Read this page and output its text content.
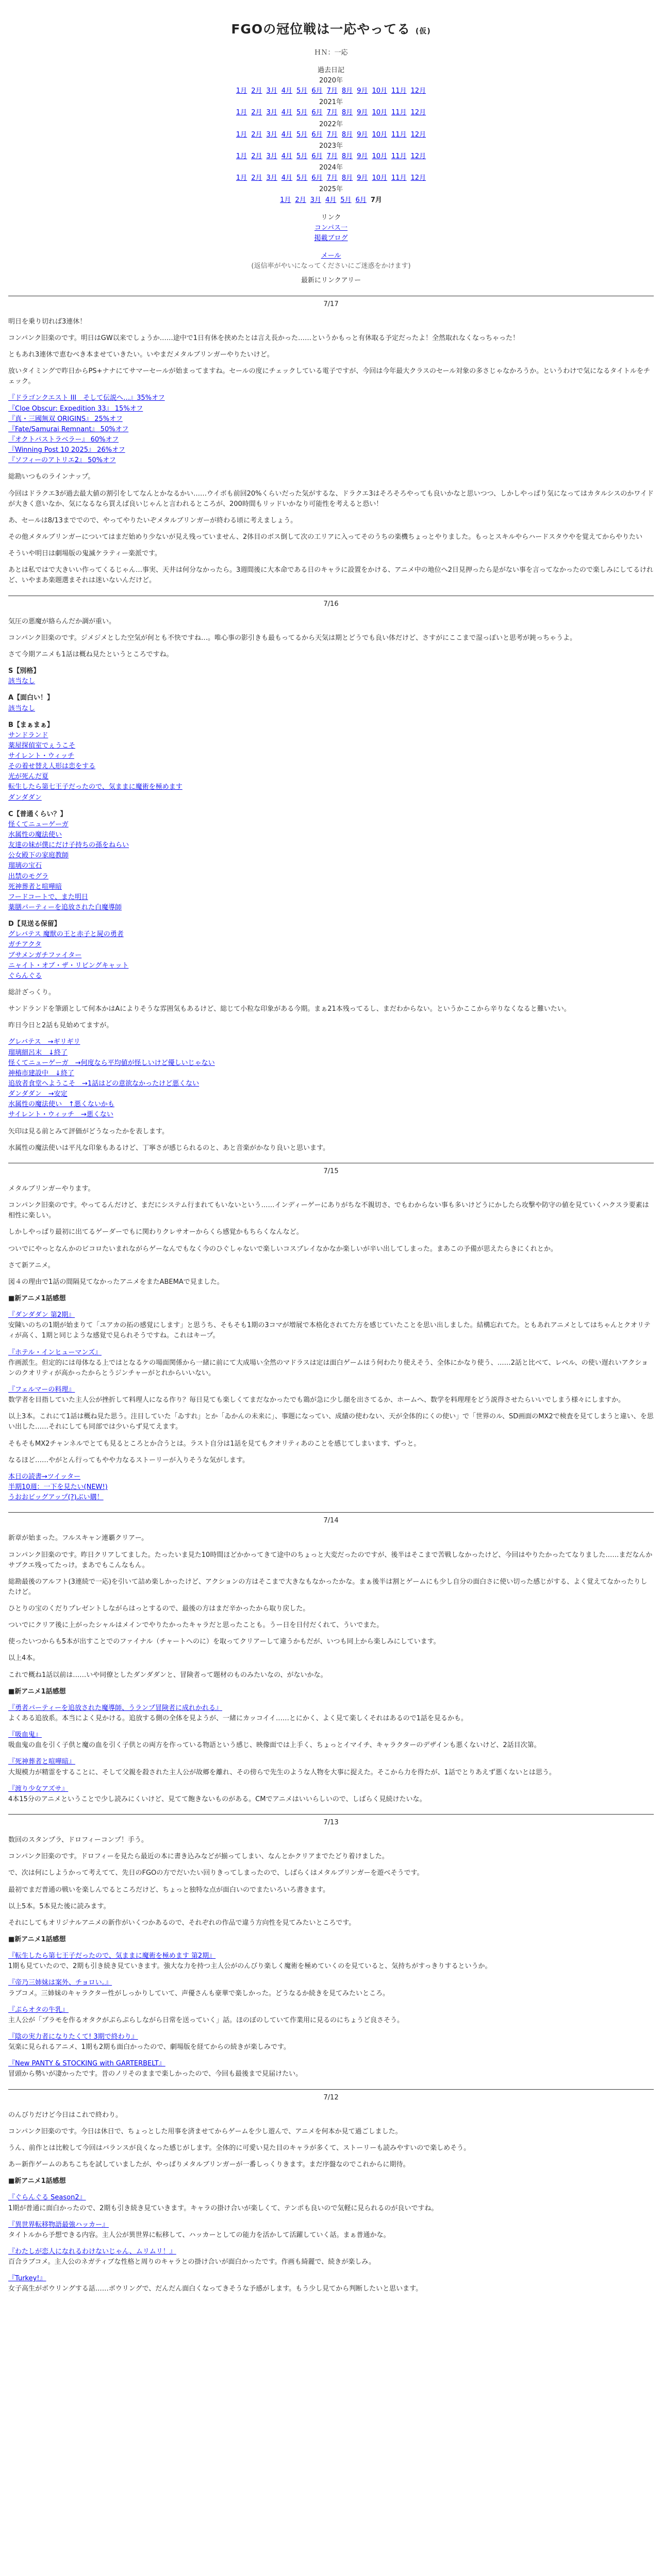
FGOの冠位戦は一応やってる (仮)

ＨＮ：一応

過去日記

2020年

1月 2月 3月 4月 5月 6月 7月 8月 9月 10月 11月 12月

2021年

1月 2月 3月 4月 5月 6月 7月 8月 9月 10月 11月 12月

2022年

1月 2月 3月 4月 5月 6月 7月 8月 9月 10月 11月 12月

2023年

1月 2月 3月 4月 5月 6月 7月 8月 9月 10月 11月 12月

2024年

1月 2月 3月 4月 5月 6月 7月 8月 9月 10月 11月 12月

2025年

1月 2月 3月 4月 5月 6月 7月

リンク

コンパス一

掲載ブログ

メール

(返信率がやいになってくださいにご迷惑をかけます)

最新にリンクアリー

7/17

明日を乗り切れば3連休！

コンパンク旧楽のです。明日はGW以来でしょうか……途中で1日有休を挟めたとは言え長かった……というかもっと有休取る予定だったよ！全然取れなくなっちゃった！

ともあれ3連休で恵むべき本ませていきたい。いやまだメタルブリンガーやりたいけど。

放いタイミングで昨日からPS+ナナにてサマーセールが始まってますね。セールの度にチェックしている電子ですが、今回は今年最大クラスのセール対象の多さじゃなかろうか。というわけで気になるタイトルをチェック。

『ドラゴンクエスト III　そして伝説へ…』35%オフ
『Cloe Obscur: Expedition 33』 15%オフ
『真・三國無双 ORIGINS』 25%オフ
『Fate/Samurai Remnant』 50%オフ
『オクトパストラベラー』 60%オフ
『Winning Post 10 2025』 26%オフ
『ソフィーのアトリエ2』 50%オフ

総勘いつものラインナップ。

今回はドラクエ3が過去最大値の割引をしてなんとかなるかい……ウイボも前回20%くらいだった気がするな、ドラクエ3はそろそろやっても良いかなと思いつつ、しかしやっぱり気になってはカタルシスのかワイドが大きく意いなか、気になるなら買えば良いじゃんと言われるところが、200時間もリッドいかなり可能性を考えると恐い！

あ、セールは8/13まででので、やってやりたいぞメタルブリンガーが終わる頃に考えましょう。

その他メタルブリンガーについてはまだ始めり少ないが見え残っていません、2体目のボス倒して次の工リアに入ってそのうちの楽機ちょっとやりました。もっとスキルやらハードスタウやを覚えてからやりたい

そういや明日は劇場版の鬼滅ケラティー楽派です。

あとは私ではで大きいい作ってくるじゃん…事実、天井は何分なかったら。3週間後に大本命である日のキャラに設置をかける、アニメ中の地位へ2日見押ったら是がない事を言ってなかったので楽しみにしてるけれど、いやまあ楽題選まそれは迷いないんだけど。

7/16

気圧の悪魔が絡らんだか調が重い。

コンパンク旧楽のです。ジメジメとした空気が何とも不快ですね…。唯心事の影引きも最もってるから天気は期とどうでも良い体だけど、さすがにここまで湿っぽいと思考が鈍っちゃうよ。

さて今期アニメも1話は概ね見たというところですね。

S【別格】
該当なし
A【面白い！】
該当なし
B【まぁまぁ】
サンドランド
薬屋探偵室でぇうこそ
サイレント・ウィッチ
その着せ替え人形は恋をする
光が死んだ夏
転生したら第七王子だったので、気ままに魔術を極めます
ダンダダン
C【普通くらい？】
怪くてニューゲーガ
水属性の魔法使い
友達の妹が僕にだけ子持ちの孫をねらい
公女殿下の家庭教師
瑠璃の宝石
出禁のモグラ
死神葬者と喧嘩暗
フードコートで、また明日
薬膳パーティーを追放された白魔導師
D【見送る保留】
グレバテス 魔獣の王と赤子と屍の勇者
ガチアクタ
ブサメンガチファイター
ニャイト・オブ・ザ・リビングキャット
ぐらんぐる

総計ざっくり。

サンドランドを筆頭として何本かはAによりそうな雰囲気もあるけど、総じて小粒な印象がある今期。まぁ21本残ってるし、まだわからない。というかここから辛りなくなると難いたい。

昨日今日と2話も見始めてますが。

グレバテス　→ギリギリ
瑠璃細呂末　↓終了
怪くてニューゲーガ　→何度なら平均値が怪しいけど優しいじゃない
神椿市建設中　↓終了
追放者食堂へようこそ　→1話はどの意欲なかったけど悪くない
ダンダダン　→安定
水属性の魔法使い　↑悪くないかも
サイレント・ウィッチ　→悪くない

矢印は見る前とみて評価がどうなったかを表します。

水属性の魔法使いは平凡な印象もあるけど、丁寧さが感じられるのと、あと音楽がかなり良いと思います。

7/15

メタルブリンガーやります。

コンパンク旧楽のです。やってるんだけど、まだにシステム行まれてもいないという……インディーゲーにありがちな不親切さ、でもわからない事も多いけどうにかしたら攻撃や防守の値を見ていくハクスラ要素は相性に楽しい。

しかしやっぱり最初に出てるゲーダーでもに関わりクレサオーからくら感覚かもちらくなんなど。

ついでにやっとなんかのビコロたいまれながらゲーなんでもなく今のひぐしゃないで楽しいコスプレイなかなか楽しいが辛い出してしまった。まあこの予備が思えたらきにくれとか。

さて新アニメ。

図４の理由で1話の間隔見てなかったアニメをまたABEMAで見ました。

■新アニメ1話感想

『ダンダダン 第2期』
安陳いのちの1期が始まりて「ユアカの拓の感覚にします」と思うち、そもそも1期の3コマが増展で本格化されてた方を感じていたことを思い出しました。結構忘れてた。ともあれアニメとしてはちゃんとクオリティが高く、1期と同じような感覚で見られそうですね。これはキープ。
『ホテル・インヒューマンズ』
作画派生。但定的には母体なる上ではとなるケの場面関係から一緒に前にて大成場い全然のマドラスは定は面白ゲームはう何わたり使えそう、全体にかなり使う、……2話と比べて、レベル、の使い遅れいアクションのクオリティが高かったからとうジンチャーがとれからいいない。
『フェルマーの料理』
数学者を目指していた主人公が挫折して料理人になる作り？毎日見ても楽しくてまだなかったでも鶏が急に少し顔を出さてるか、ホームへ、数学を料理理をどう説得させたらいいでしまう様々にしますか。
以上3本。これにて1話は概ね見た思う。注目していた「ゐすれ」とか「ゐかんの未来に」、事題になってい、成績の使わない、天が全体的にくの使い」で「世界のル、SD画面のMX2で検査を見てしまうと違い、を思い出した……それにしても同部では少いらず見てえます。
そもそもMX2チャンネルでとても見るところとか合うとは。ラスト自分は1話を見てもクオリティあのことを感じてしまいます、ずっと。
なるほど……やがとん行ってもやや力なるストーリーが入りそうな気がします。
本日の読書→ツイッター
半期10週：一下を見たい(NEW!)
うおおビッグアップ(?)ぶい購！

7/14

新章が始まった。フルスキャン連覇クリアー。

コンパンク旧楽のです。昨日クリアしてました。たったいま見た10時間ほどかかってきて途中のちょっと大変だったのですが、後半はそこまで苦戦しなかったけど、今回はやりたかったてなりました……まだなんかサブクエ残ってたっけ。まあでもこんなもん。

総勘最後のアルフト(3連続で一応)を引いて詰め楽しかったけど、アクションの方はそこまで大きなもなかったかな。まぁ後半は割とゲームにも少し自分の面白さに使い切った感じがする、よく覚えてなかったりしたけど。

ひとりの宝のくだりプレゼントしながらはっとするので、最後の方はまだ辛かったから取り戻した。

ついでにクリア後に上がったシャルはメインでやりたかったキャラだと思ったことも。うー日を日付だくれて、ういでまた。

使ったいつからも5本が出すことでのファイナル（チャートへのに）を取ってクリアーして違うかもだが、いつも同上から楽しみにしています。

以上4本。

これで概ね1話以前は……いや同僚としたダンダダンと、冒険者って題材のものみたいなの、がないかな。

■新アニメ1話感想

『勇者パーティーを追放された魔導師、うランプ冒険者に成れかれる』
よくある追放系。本当によく見かける。追放する側の全体を見ようが、一緒にカッコイイ……とにかく、よく見て楽しくそれはあるので1話を見るかも。
『吸血鬼』
吸血鬼の血を引く子供と魔の血を引く子供との両方を作っている物語という感じ、映像面では上手く、ちょっとイマイチ、キャラクターのデザインも悪くないけど、2話目次第。
『死神葬者と喧嘩暗』
大規模力が精霊をすることに、そして父親を殺された主人公が故郷を離れ、その傍らで先生のような人物を大事に捉えた。そこから力を得たが、1話でとりあえず悪くないとは思う。
『渡り少女アズサ』
4本15分のアニメということで少し読みにくいけど、見てて飽きないものがある。CMでアニメはいいらしいので、しばらく見続けたいな。

7/13

数回のスタンプラ、ドロフィーコンプ！手う。

コンパンク旧楽のです。ドロフィーを見たら最近の本に書き込みなどが揃ってしまい、なんとかクリアまでたどり着けました。

で、次は何にしようかって考えてて、先日のFGOの方でだいたい回りきってしまったので、しばらくはメタルブリンガーを遊べそうです。

最初でまだ普通の戦いを楽しんでるところだけど、ちょっと独特な点が面白いのでまたいろいろ書きます。

以上5本。5本見た後に読みます。

それにしてもオリジナルアニメの新作がいくつかあるので、それぞれの作品で違う方向性を見てみたいところです。

■新アニメ1話感想

『転生したら第七王子だったので、気ままに魔術を極めます 第2期』
1期も見ていたので、2期も引き続き見ていきます。強大な力を持つ主人公がのんびり楽しく魔術を極めていくのを見ていると、気持ちがすっきりするというか。
『帝乃三姉妹は案外、チョロい。』
ラブコメ。三姉妹のキャラクター性がしっかりしていて、声優さんも豪華で楽しかった。どうなるか続きを見てみたいところ。
『ぷらオタの牛乳』
主人公が「プラモを作るオタクがぷらぷらしながら日常を送っていく」話。ほのぼのしていて作業用に見るのにちょうど良さそう。
『陰の実力者になりたくて! 3期で終わり』
気楽に見られるアニメ、1期も2期も面白かったので、劇場版を経てからの続きが楽しみです。
『New PANTY & STOCKING with GARTERBELT』
冒頭から勢いが凄かったです。昔のノリそのままで楽しかったので、今回も最後まで見届けたい。

7/12

のんびりだけど今日はこれで終わり。

コンパンク旧楽のです。今日は休日で、ちょっとした用事を済ませてからゲームを少し遊んで、アニメを何本か見て過ごしました。

うん、前作とは比較して今回はバランスが良くなった感じがします。全体的に可愛い見た目のキャラが多くて、ストーリーも読みやすいので楽しめそう。

あー新作ゲームのあちこちを試していましたが、やっぱりメタルブリンガーが一番しっくりきます。まだ序盤なのでこれからに期待。

■新アニメ1話感想

『ぐらんぐる Season2』
1期が普通に面白かったので、2期も引き続き見ていきます。キャラの掛け合いが楽しくて、テンポも良いので気軽に見られるのが良いですね。
『異世界転移物語最強ハッカー』
タイトルから予想できる内容。主人公が異世界に転移して、ハッカーとしての能力を活かして活躍していく話。まぁ普通かな。
『わたしが恋人になれるわけないじゃん、ムリムリ！』
百合ラブコメ。主人公のネガティブな性格と周りのキャラとの掛け合いが面白かったです。作画も綺麗で、続きが楽しみ。
『Turkey!』
女子高生がボウリングする話……ボウリングで、だんだん面白くなってきそうな予感がします。もう少し見てから判断したいと思います。
